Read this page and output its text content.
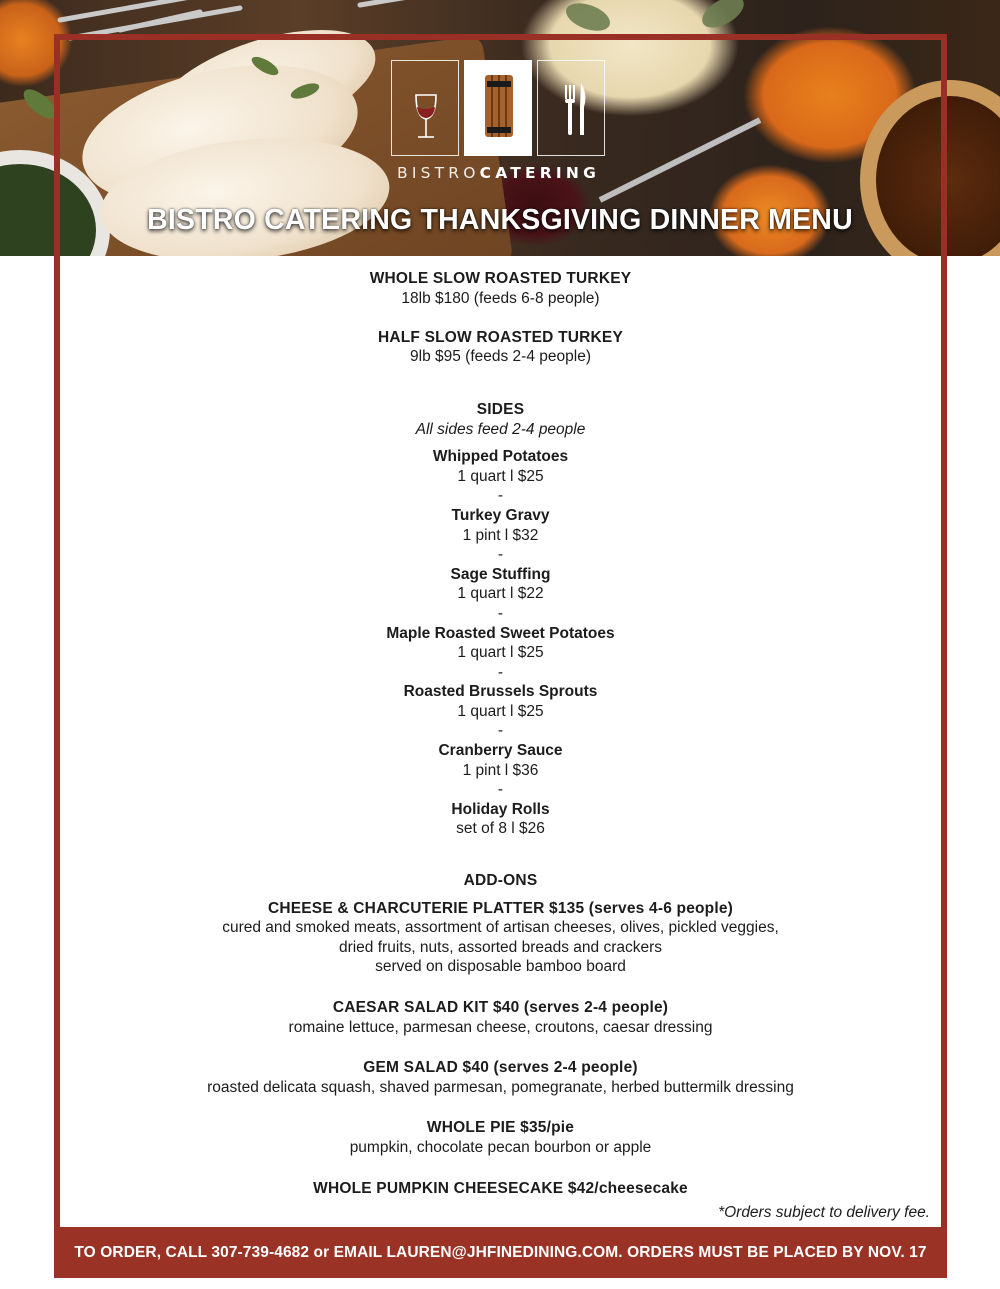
BISTROCATERING
BISTRO CATERING THANKSGIVING DINNER MENU
WHOLE SLOW ROASTED TURKEY
18lb $180 (feeds 6-8 people)
HALF SLOW ROASTED TURKEY
9lb $95 (feeds 2-4 people)
SIDES
All sides feed 2-4 people
Whipped Potatoes
1 quart l $25
-
Turkey Gravy
1 pint l $32
-
Sage Stuffing
1 quart l $22
-
Maple Roasted Sweet Potatoes
1 quart l $25
-
Roasted Brussels Sprouts
1 quart l $25
-
Cranberry Sauce
1 pint l $36
-
Holiday Rolls
set of 8 l $26
ADD-ONS
CHEESE & CHARCUTERIE PLATTER $135 (serves 4-6 people)
cured and smoked meats, assortment of artisan cheeses, olives, pickled veggies,
dried fruits, nuts, assorted breads and crackers
served on disposable bamboo board
CAESAR SALAD KIT $40 (serves 2-4 people)
romaine lettuce, parmesan cheese, croutons, caesar dressing
GEM SALAD $40 (serves 2-4 people)
roasted delicata squash, shaved parmesan, pomegranate, herbed buttermilk dressing
WHOLE PIE $35/pie
pumpkin, chocolate pecan bourbon or apple
WHOLE PUMPKIN CHEESECAKE $42/cheesecake
*Orders subject to delivery fee.
TO ORDER, CALL 307-739-4682 or EMAIL LAUREN@JHFINEDINING.COM. ORDERS MUST BE PLACED BY NOV. 17
